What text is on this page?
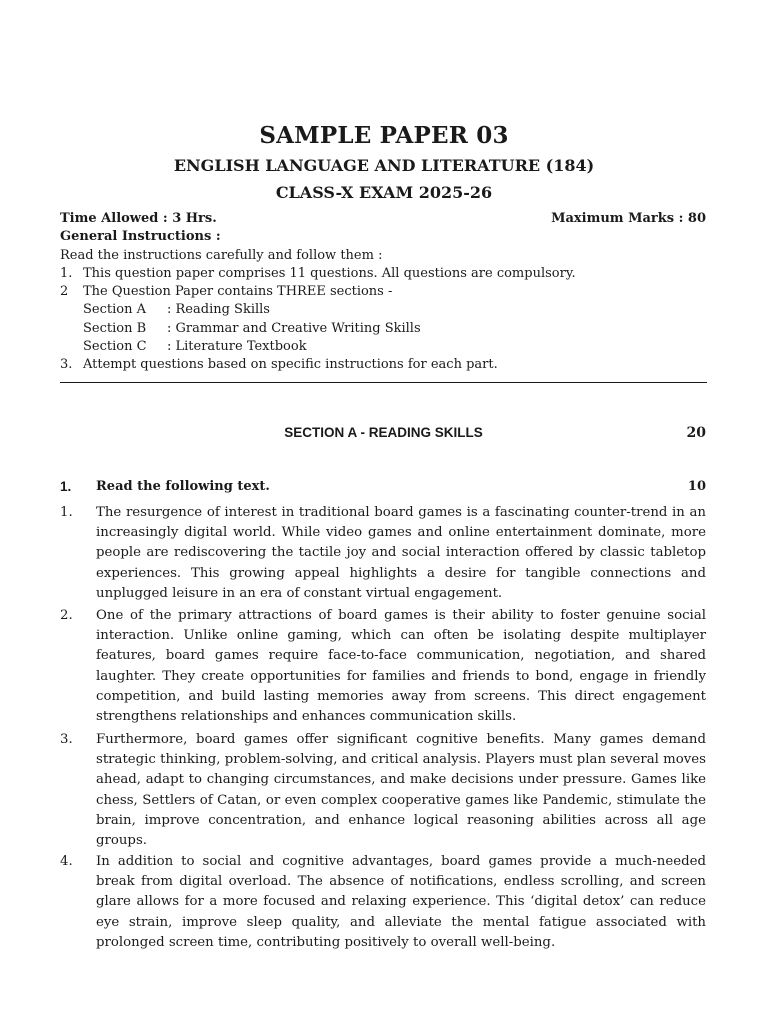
SAMPLE PAPER 03
ENGLISH LANGUAGE AND LITERATURE (184)
CLASS-X EXAM 2025-26
Time Allowed : 3 Hrs.	Maximum Marks : 80
General Instructions :
Read the instructions carefully and follow them :
1. This question paper comprises 11 questions. All questions are compulsory.
2 The Question Paper contains THREE sections -
Section A : Reading Skills
Section B : Grammar and Creative Writing Skills
Section C : Literature Textbook
3. Attempt questions based on specific instructions for each part.
SECTION A - READING SKILLS	20
1. Read the following text.	10
1. The resurgence of interest in traditional board games is a fascinating counter-trend in an increasingly digital world. While video games and online entertainment dominate, more people are rediscovering the tactile joy and social interaction offered by classic tabletop experiences. This growing appeal highlights a desire for tangible connections and unplugged leisure in an era of constant virtual engagement.
2. One of the primary attractions of board games is their ability to foster genuine social interaction. Unlike online gaming, which can often be isolating despite multiplayer features, board games require face-to-face communication, negotiation, and shared laughter. They create opportunities for families and friends to bond, engage in friendly competition, and build lasting memories away from screens. This direct engagement strengthens relationships and enhances communication skills.
3. Furthermore, board games offer significant cognitive benefits. Many games demand strategic thinking, problem-solving, and critical analysis. Players must plan several moves ahead, adapt to changing circumstances, and make decisions under pressure. Games like chess, Settlers of Catan, or even complex cooperative games like Pandemic, stimulate the brain, improve concentration, and enhance logical reasoning abilities across all age groups.
4. In addition to social and cognitive advantages, board games provide a much-needed break from digital overload. The absence of notifications, endless scrolling, and screen glare allows for a more focused and relaxing experience. This ‘digital detox’ can reduce eye strain, improve sleep quality, and alleviate the mental fatigue associated with prolonged screen time, contributing positively to overall well-being.
